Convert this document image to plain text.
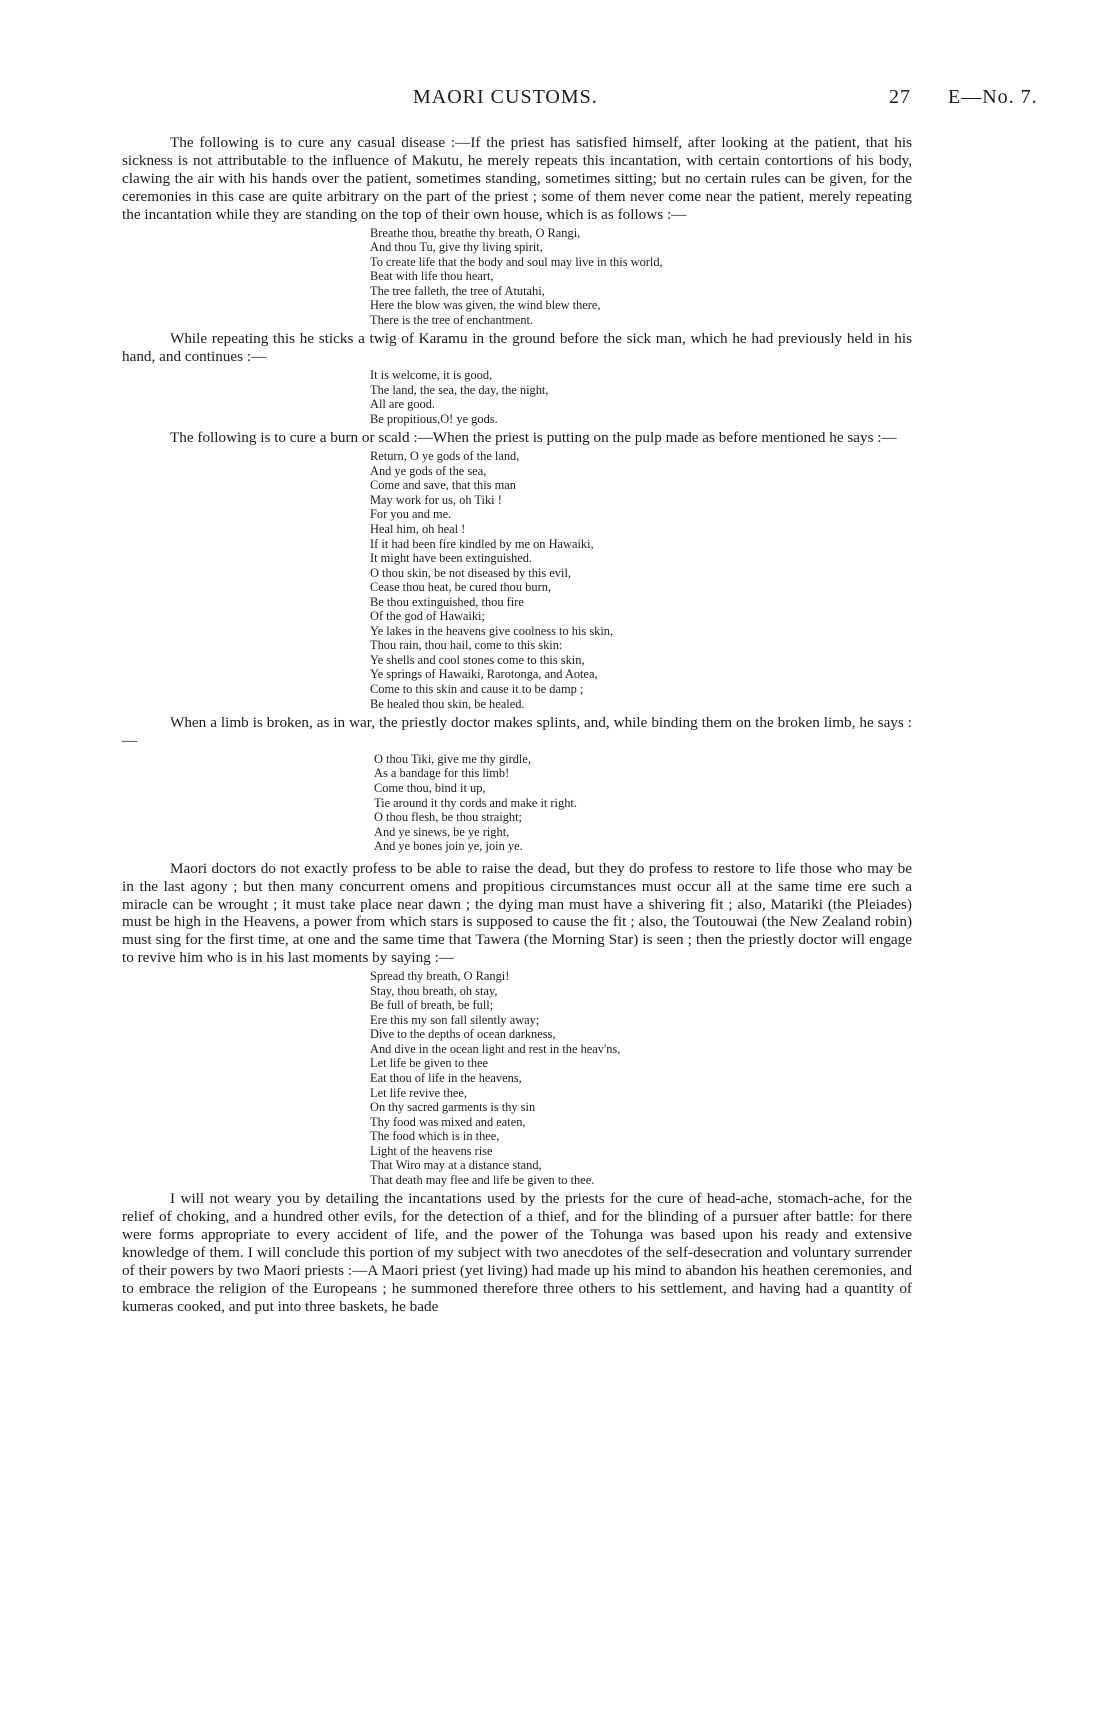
MAORI CUSTOMS.	27 E—No. 7.

The following is to cure any casual disease :—If the priest has satisfied himself, after looking at the patient, that his sickness is not attributable to the influence of Makutu, he merely repeats this incantation, with certain contortions of his body, clawing the air with his hands over the patient, sometimes standing, sometimes sitting; but no certain rules can be given, for the ceremonies in this case are quite arbitrary on the part of the priest ; some of them never come near the patient, merely repeating the incantation while they are standing on the top of their own house, which is as follows :—

Breathe thou, breathe thy breath, O Rangi,
And thou Tu, give thy living spirit,
To create life that the body and soul may live in this world,
Beat with life thou heart,
The tree falleth, the tree of Atutahi,
Here the blow was given, the wind blew there,
There is the tree of enchantment.

While repeating this he sticks a twig of Karamu in the ground before the sick man, which he had previously held in his hand, and continues :—

It is welcome, it is good,
The land, the sea, the day, the night,
All are good.
Be propitious,O! ye gods.

The following is to cure a burn or scald :—When the priest is putting on the pulp made as before mentioned he says :—

Return, O ye gods of the land,
And ye gods of the sea,
Come and save, that this man
May work for us, oh Tiki !
For you and me.
Heal him, oh heal !
If it had been fire kindled by me on Hawaiki,
It might have been extinguished.
O thou skin, be not diseased by this evil,
Cease thou heat, be cured thou burn,
Be thou extinguished, thou fire
Of the god of Hawaiki;
Ye lakes in the heavens give coolness to his skin,
Thou rain, thou hail, come to this skin:
Ye shells and cool stones come to this skin,
Ye springs of Hawaiki, Rarotonga, and Aotea,
Come to this skin and cause it to be damp ;
Be healed thou skin, be healed.

When a limb is broken, as in war, the priestly doctor makes splints, and, while binding them on the broken limb, he says :—

O thou Tiki, give me thy girdle,
As a bandage for this limb!
Come thou, bind it up,
Tie around it thy cords and make it right.
O thou flesh, be thou straight;
And ye sinews, be ye right,
And ye bones join ye, join ye.

Maori doctors do not exactly profess to be able to raise the dead, but they do profess to restore to life those who may be in the last agony ; but then many concurrent omens and propitious circumstances must occur all at the same time ere such a miracle can be wrought ; it must take place near dawn ; the dying man must have a shivering fit ; also, Matariki (the Pleiades) must be high in the Heavens, a power from which stars is supposed to cause the fit ; also, the Toutouwai (the New Zealand robin) must sing for the first time, at one and the same time that Tawera (the Morning Star) is seen ; then the priestly doctor will engage to revive him who is in his last moments by saying :—

Spread thy breath, O Rangi!
Stay, thou breath, oh stay,
Be full of breath, be full;
Ere this my son fall silently away;
Dive to the depths of ocean darkness,
And dive in the ocean light and rest in the heav'ns,
Let life be given to thee
Eat thou of life in the heavens,
Let life revive thee,
On thy sacred garments is thy sin
Thy food was mixed and eaten,
The food which is in thee,
Light of the heavens rise
That Wiro may at a distance stand,
That death may flee and life be given to thee.

I will not weary you by detailing the incantations used by the priests for the cure of head-ache, stomach-ache, for the relief of choking, and a hundred other evils, for the detection of a thief, and for the blinding of a pursuer after battle: for there were forms appropriate to every accident of life, and the power of the Tohunga was based upon his ready and extensive knowledge of them. I will conclude this portion of my subject with two anecdotes of the self-desecration and voluntary surrender of their powers by two Maori priests :—A Maori priest (yet living) had made up his mind to abandon his heathen ceremonies, and to embrace the religion of the Europeans ; he summoned therefore three others to his settlement, and having had a quantity of kumeras cooked, and put into three baskets, he bade
